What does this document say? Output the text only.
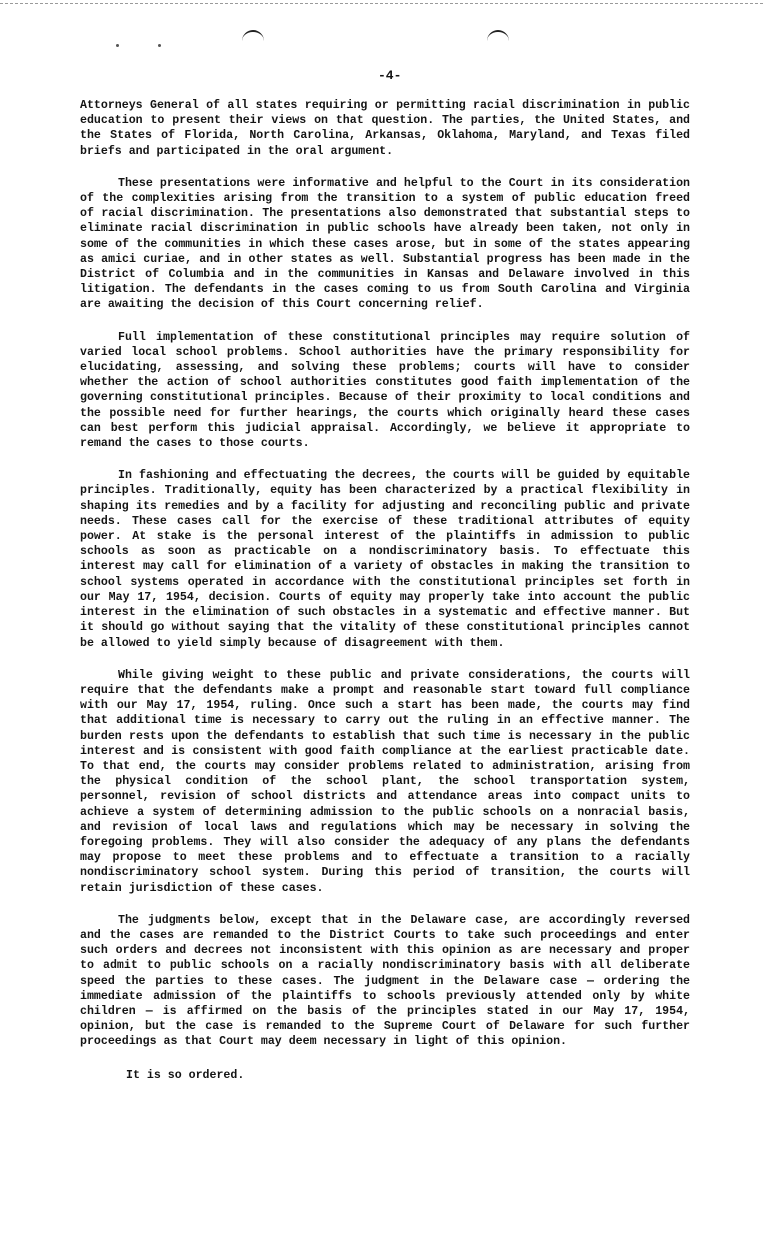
-4-

Attorneys General of all states requiring or permitting racial discrimination in public education to present their views on that question. The parties, the United States, and the States of Florida, North Carolina, Arkansas, Oklahoma, Maryland, and Texas filed briefs and participated in the oral argument.

These presentations were informative and helpful to the Court in its consideration of the complexities arising from the transition to a system of public education freed of racial discrimination. The presentations also demonstrated that substantial steps to eliminate racial discrimination in public schools have already been taken, not only in some of the communities in which these cases arose, but in some of the states appearing as amici curiae, and in other states as well. Substantial progress has been made in the District of Columbia and in the communities in Kansas and Delaware involved in this litigation. The defendants in the cases coming to us from South Carolina and Virginia are awaiting the decision of this Court concerning relief.

Full implementation of these constitutional principles may require solution of varied local school problems. School authorities have the primary responsibility for elucidating, assessing, and solving these problems; courts will have to consider whether the action of school authorities constitutes good faith implementation of the governing constitutional principles. Because of their proximity to local conditions and the possible need for further hearings, the courts which originally heard these cases can best perform this judicial appraisal. Accordingly, we believe it appropriate to remand the cases to those courts.

In fashioning and effectuating the decrees, the courts will be guided by equitable principles. Traditionally, equity has been characterized by a practical flexibility in shaping its remedies and by a facility for adjusting and reconciling public and private needs. These cases call for the exercise of these traditional attributes of equity power. At stake is the personal interest of the plaintiffs in admission to public schools as soon as practicable on a nondiscriminatory basis. To effectuate this interest may call for elimination of a variety of obstacles in making the transition to school systems operated in accordance with the constitutional principles set forth in our May 17, 1954, decision. Courts of equity may properly take into account the public interest in the elimination of such obstacles in a systematic and effective manner. But it should go without saying that the vitality of these constitutional principles cannot be allowed to yield simply because of disagreement with them.

While giving weight to these public and private considerations, the courts will require that the defendants make a prompt and reasonable start toward full compliance with our May 17, 1954, ruling. Once such a start has been made, the courts may find that additional time is necessary to carry out the ruling in an effective manner. The burden rests upon the defendants to establish that such time is necessary in the public interest and is consistent with good faith compliance at the earliest practicable date. To that end, the courts may consider problems related to administration, arising from the physical condition of the school plant, the school transportation system, personnel, revision of school districts and attendance areas into compact units to achieve a system of determining admission to the public schools on a nonracial basis, and revision of local laws and regulations which may be necessary in solving the foregoing problems. They will also consider the adequacy of any plans the defendants may propose to meet these problems and to effectuate a transition to a racially nondiscriminatory school system. During this period of transition, the courts will retain jurisdiction of these cases.

The judgments below, except that in the Delaware case, are accordingly reversed and the cases are remanded to the District Courts to take such proceedings and enter such orders and decrees not inconsistent with this opinion as are necessary and proper to admit to public schools on a racially nondiscriminatory basis with all deliberate speed the parties to these cases. The judgment in the Delaware case — ordering the immediate admission of the plaintiffs to schools previously attended only by white children — is affirmed on the basis of the principles stated in our May 17, 1954, opinion, but the case is remanded to the Supreme Court of Delaware for such further proceedings as that Court may deem necessary in light of this opinion.

It is so ordered.
